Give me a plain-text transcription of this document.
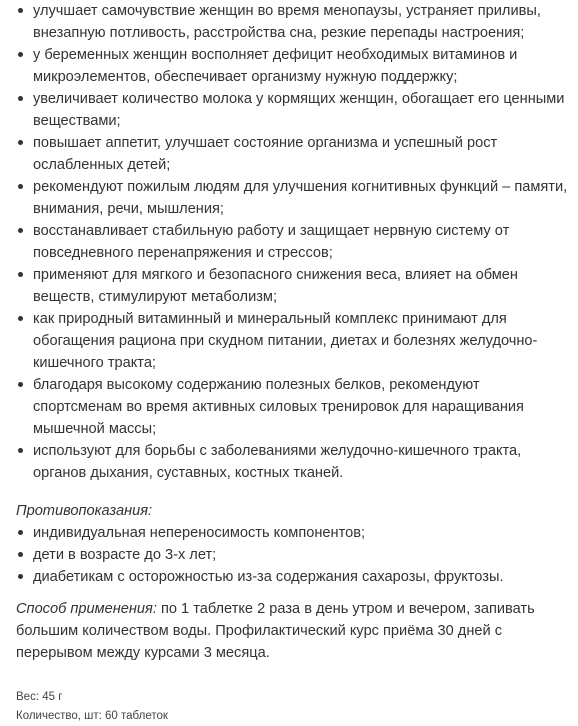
улучшает самочувствие женщин во время менопаузы, устраняет приливы, внезапную потливость, расстройства сна, резкие перепады настроения;
у беременных женщин восполняет дефицит необходимых витаминов и микроэлементов, обеспечивает организму нужную поддержку;
увеличивает количество молока у кормящих женщин, обогащает его ценными веществами;
повышает аппетит, улучшает состояние организма и успешный рост ослабленных детей;
рекомендуют пожилым людям для улучшения когнитивных функций – памяти, внимания, речи, мышления;
восстанавливает стабильную работу и защищает нервную систему от повседневного перенапряжения и стрессов;
применяют для мягкого и безопасного снижения веса, влияет на обмен веществ, стимулируют метаболизм;
как природный витаминный и минеральный комплекс принимают для обогащения рациона при скудном питании, диетах и болезнях желудочно-кишечного тракта;
благодаря высокому содержанию полезных белков, рекомендуют спортсменам во время активных силовых тренировок для наращивания мышечной массы;
используют для борьбы с заболеваниями желудочно-кишечного тракта, органов дыхания, суставных, костных тканей.

Противопоказания:

индивидуальная непереносимость компонентов;
дети в возрасте до 3-х лет;
диабетикам с осторожностью из-за содержания сахарозы, фруктозы.

Способ применения: по 1 таблетке 2 раза в день утром и вечером, запивать большим количеством воды. Профилактический курс приёма 30 дней с перерывом между курсами 3 месяца.

Вес: 45 г
Количество, шт: 60 таблеток
